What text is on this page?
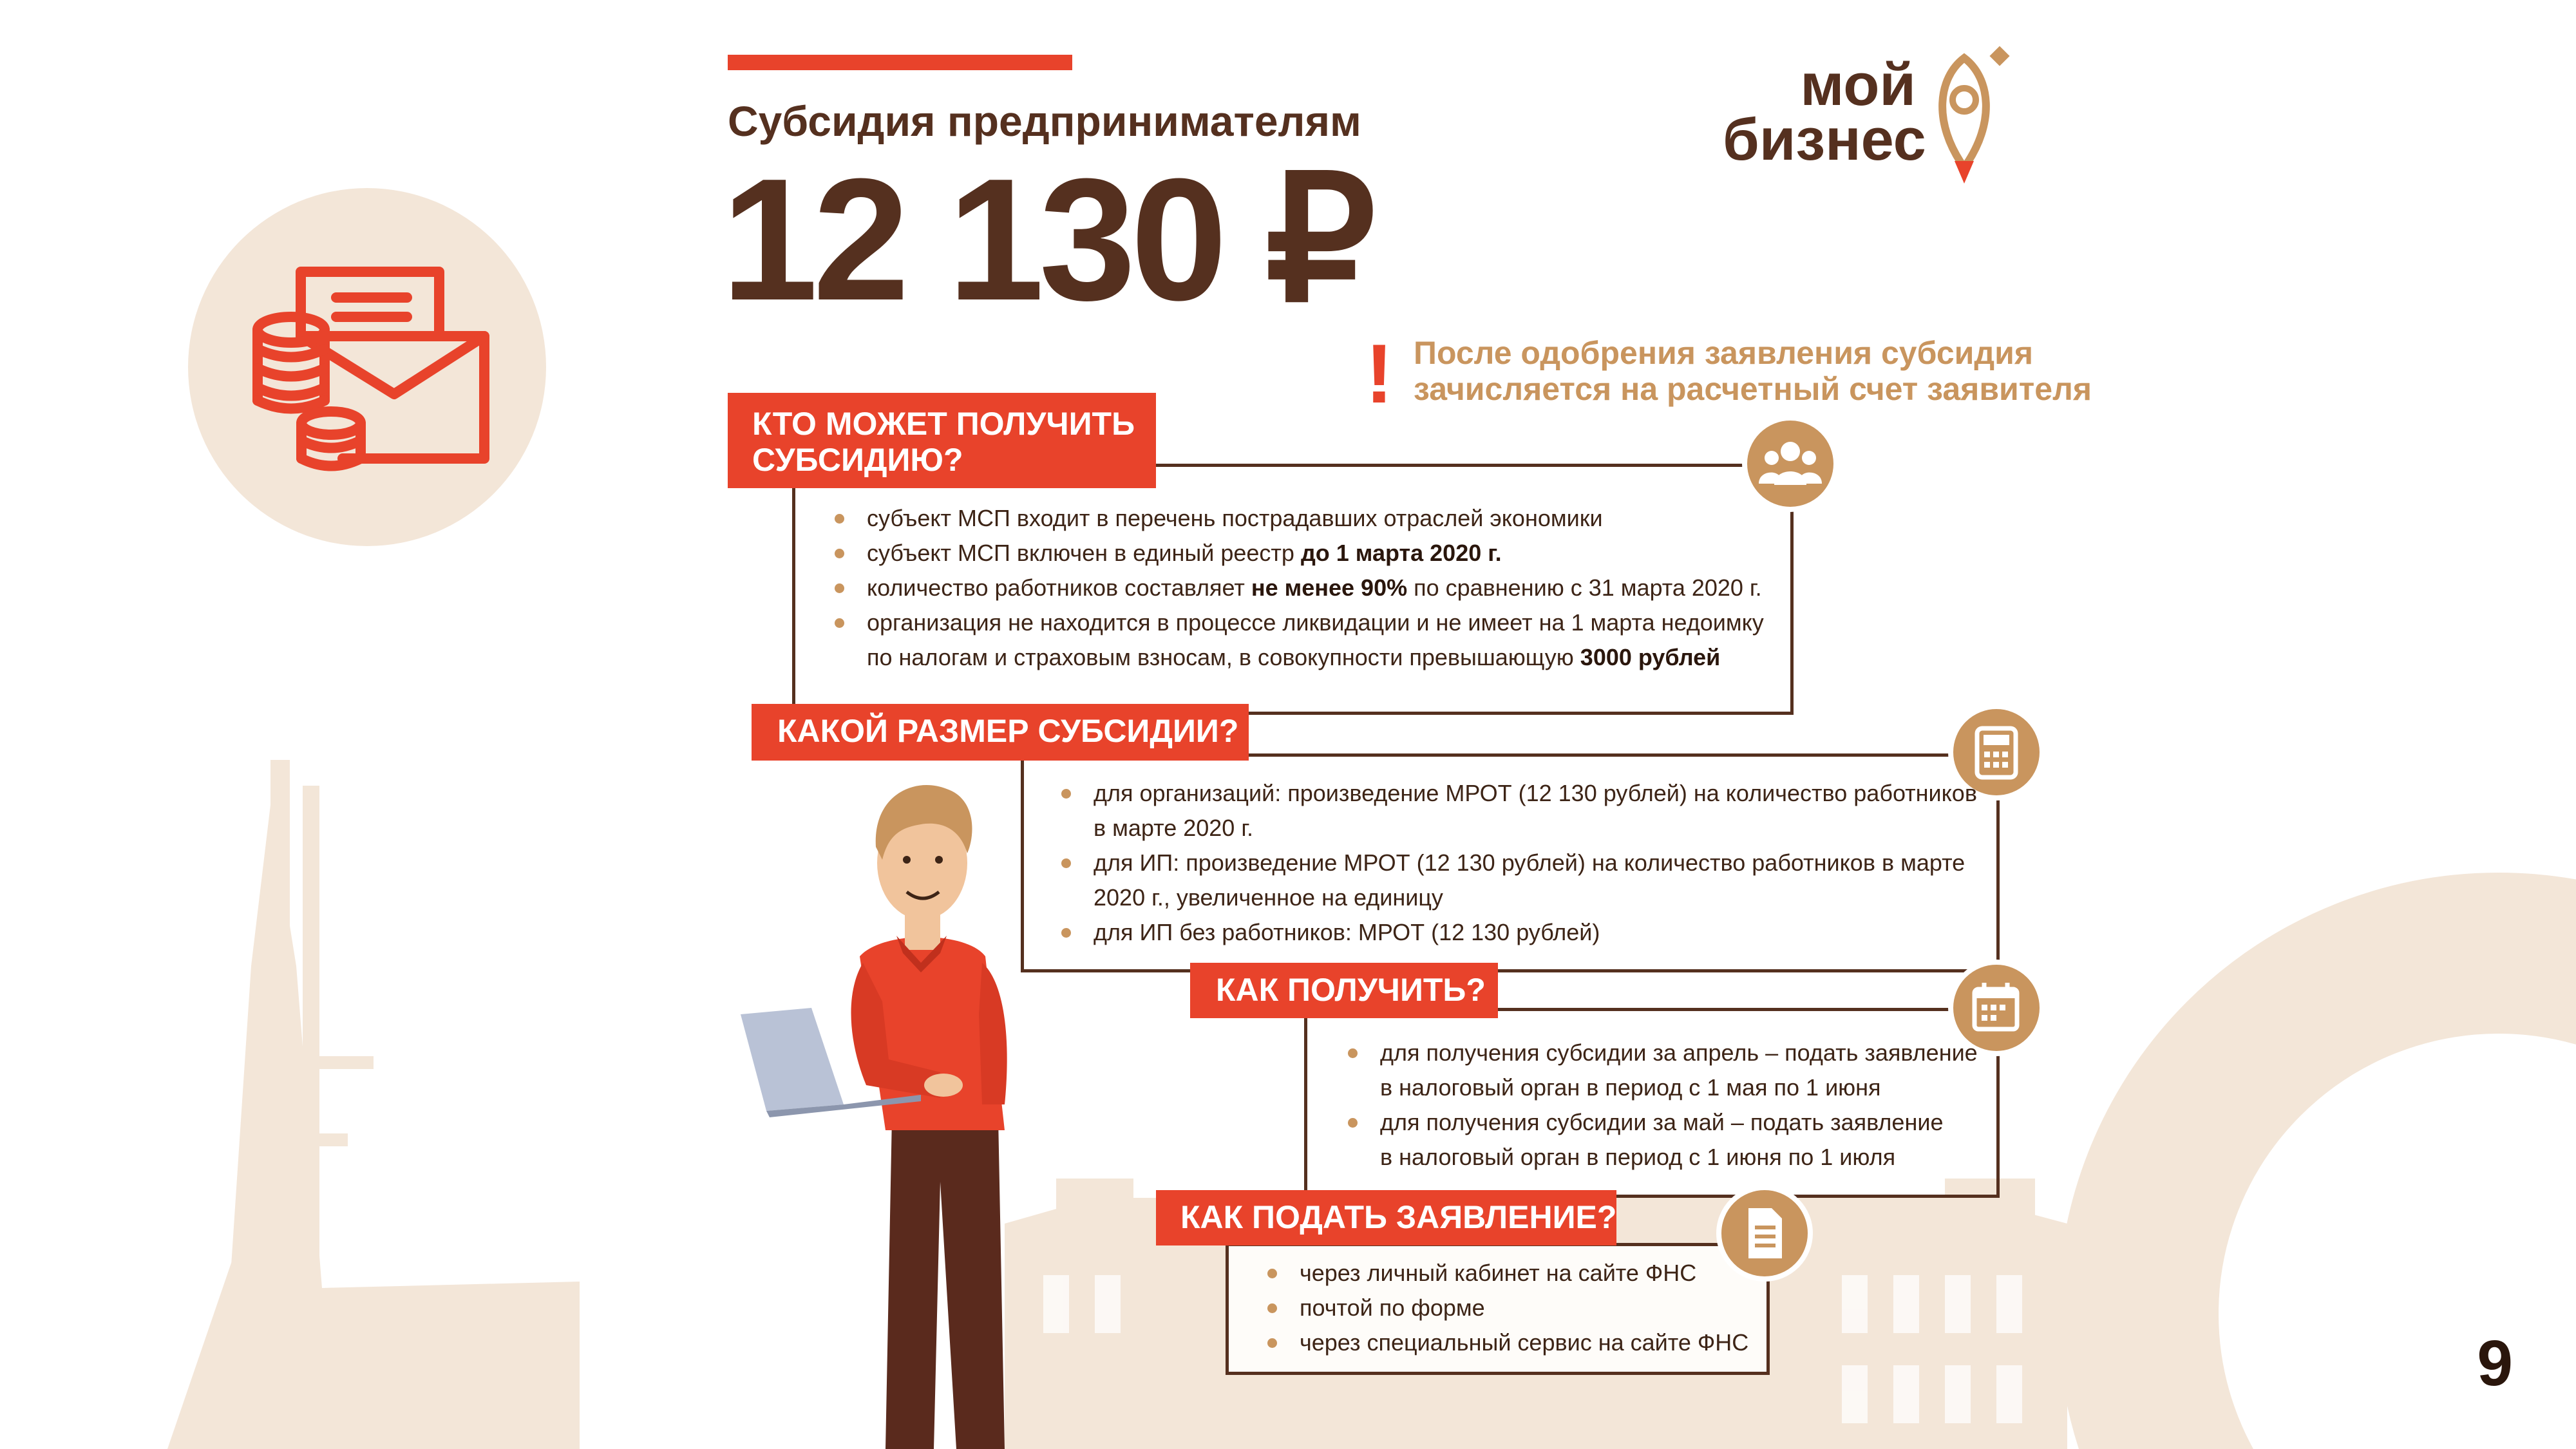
Субсидия предпринимателям
12 130 ₽
мой
бизнес
! После одобрения заявления субсидия
зачисляется на расчетный счет заявителя
КТО МОЖЕТ ПОЛУЧИТЬ
СУБСИДИЮ?
субъект МСП входит в перечень пострадавших отраслей экономики
субъект МСП включен в единый реестр до 1 марта 2020 г.
количество работников составляет не менее 90% по сравнению с 31 марта 2020 г.
организация не находится в процессе ликвидации и не имеет на 1 марта недоимку
по налогам и страховым взносам, в совокупности превышающую 3000 рублей
КАКОЙ РАЗМЕР СУБСИДИИ?
для организаций: произведение МРОТ (12 130 рублей) на количество работников
в марте 2020 г.
для ИП: произведение МРОТ (12 130 рублей) на количество работников в марте
2020 г., увеличенное на единицу
для ИП без работников: МРОТ (12 130 рублей)
КАК ПОЛУЧИТЬ?
для получения субсидии за апрель – подать заявление
в налоговый орган в период с 1 мая по 1 июня
для получения субсидии за май – подать заявление
в налоговый орган в период с 1 июня по 1 июля
КАК ПОДАТЬ ЗАЯВЛЕНИЕ?
через личный кабинет на сайте ФНС
почтой по форме
через специальный сервис на сайте ФНС	9
